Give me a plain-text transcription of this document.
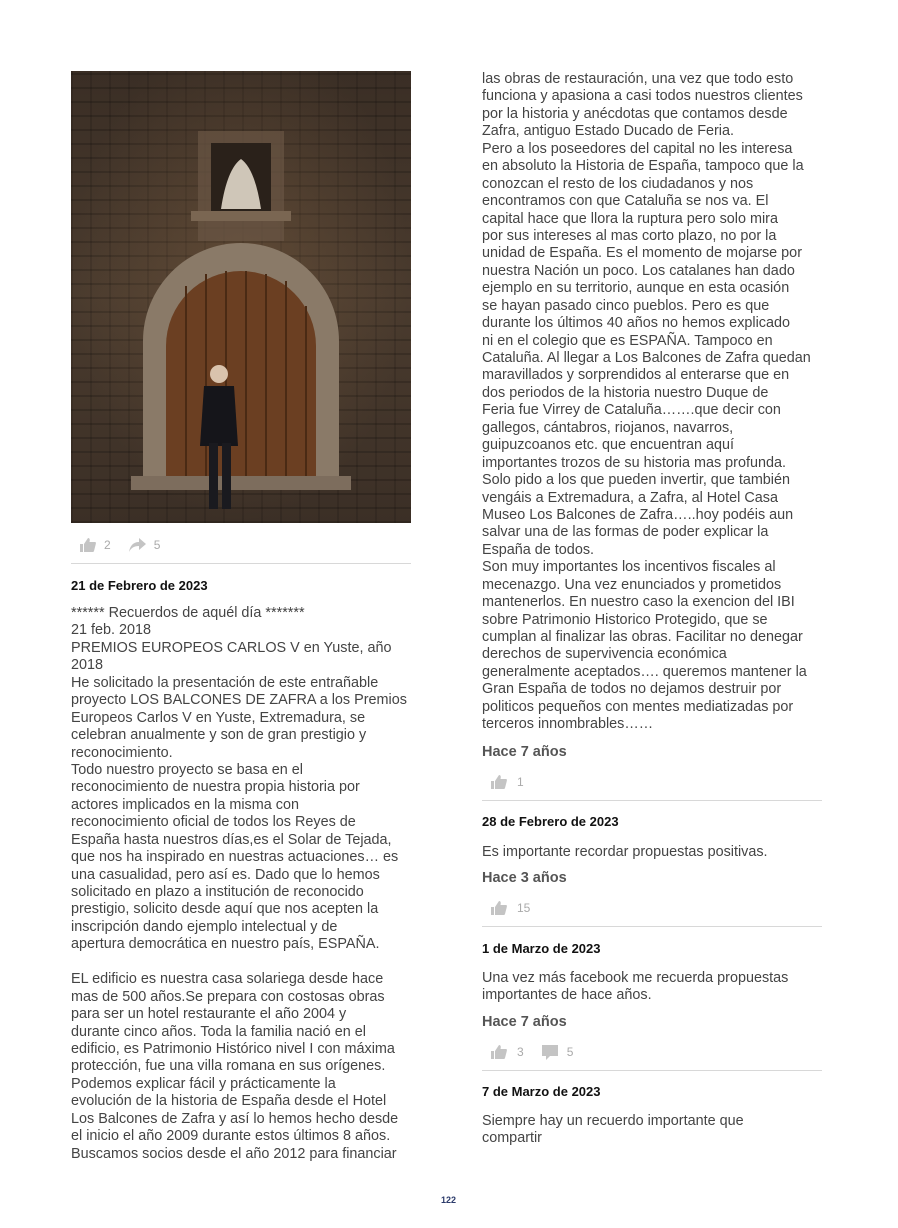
2	5
21 de Febrero de 2023
****** Recuerdos de aquél día *******
21 feb. 2018
PREMIOS EUROPEOS CARLOS V en Yuste, año
2018
He solicitado la presentación de este entrañable
proyecto LOS BALCONES DE ZAFRA a los Premios
Europeos Carlos V en Yuste, Extremadura, se
celebran anualmente y son de gran prestigio y
reconocimiento.
Todo nuestro proyecto se basa en el
reconocimiento de nuestra propia historia por
actores implicados en la misma con
reconocimiento oficial de todos los Reyes de
España hasta nuestros días,es el Solar de Tejada,
que nos ha inspirado en nuestras actuaciones… es
una casualidad, pero así es. Dado que lo hemos
solicitado en plazo a institución de reconocido
prestigio, solicito desde aquí que nos acepten la
inscripción dando ejemplo intelectual y de
apertura democrática en nuestro país, ESPAÑA.
EL edificio es nuestra casa solariega desde hace
mas de 500 años.Se prepara con costosas obras
para ser un hotel restaurante el año 2004 y
durante cinco años. Toda la familia nació en el
edificio, es Patrimonio Histórico nivel I con máxima
protección, fue una villa romana en sus orígenes.
Podemos explicar fácil y prácticamente la
evolución de la historia de España desde el Hotel
Los Balcones de Zafra y así lo hemos hecho desde
el inicio el año 2009 durante estos últimos 8 años.
Buscamos socios desde el año 2012 para financiar
las obras de restauración, una vez que todo esto
funciona y apasiona a casi todos nuestros clientes
por la historia y anécdotas que contamos desde
Zafra, antiguo Estado Ducado de Feria.
Pero a los poseedores del capital no les interesa
en absoluto la Historia de España, tampoco que la
conozcan el resto de los ciudadanos y nos
encontramos con que Cataluña se nos va. El
capital hace que llora la ruptura pero solo mira
por sus intereses al mas corto plazo, no por la
unidad de España. Es el momento de mojarse por
nuestra Nación un poco. Los catalanes han dado
ejemplo en su territorio, aunque en esta ocasión
se hayan pasado cinco pueblos. Pero es que
durante los últimos 40 años no hemos explicado
ni en el colegio que es ESPAÑA. Tampoco en
Cataluña. Al llegar a Los Balcones de Zafra quedan
maravillados y sorprendidos al enterarse que en
dos periodos de la historia nuestro Duque de
Feria fue Virrey de Cataluña…….que decir con
gallegos, cántabros, riojanos, navarros,
guipuzcoanos etc. que encuentran aquí
importantes trozos de su historia mas profunda.
Solo pido a los que pueden invertir, que también
vengáis a Extremadura, a Zafra, al Hotel Casa
Museo Los Balcones de Zafra…..hoy podéis aun
salvar una de las formas de poder explicar la
España de todos.
Son muy importantes los incentivos fiscales al
mecenazgo. Una vez enunciados y prometidos
mantenerlos. En nuestro caso la exencion del IBI
sobre Patrimonio Historico Protegido, que se
cumplan al finalizar las obras. Facilitar no denegar
derechos de supervivencia económica
generalmente aceptados…. queremos mantener la
Gran España de todos no dejamos destruir por
politicos pequeños con mentes mediatizadas por
terceros innombrables……
Hace 7 años
1
28 de Febrero de 2023
Es importante recordar propuestas positivas.
Hace 3 años
15
1 de Marzo de 2023
Una vez más facebook me recuerda propuestas
importantes de hace años.
Hace 7 años
3	5
7 de Marzo de 2023
Siempre hay un recuerdo importante que
compartir
122
